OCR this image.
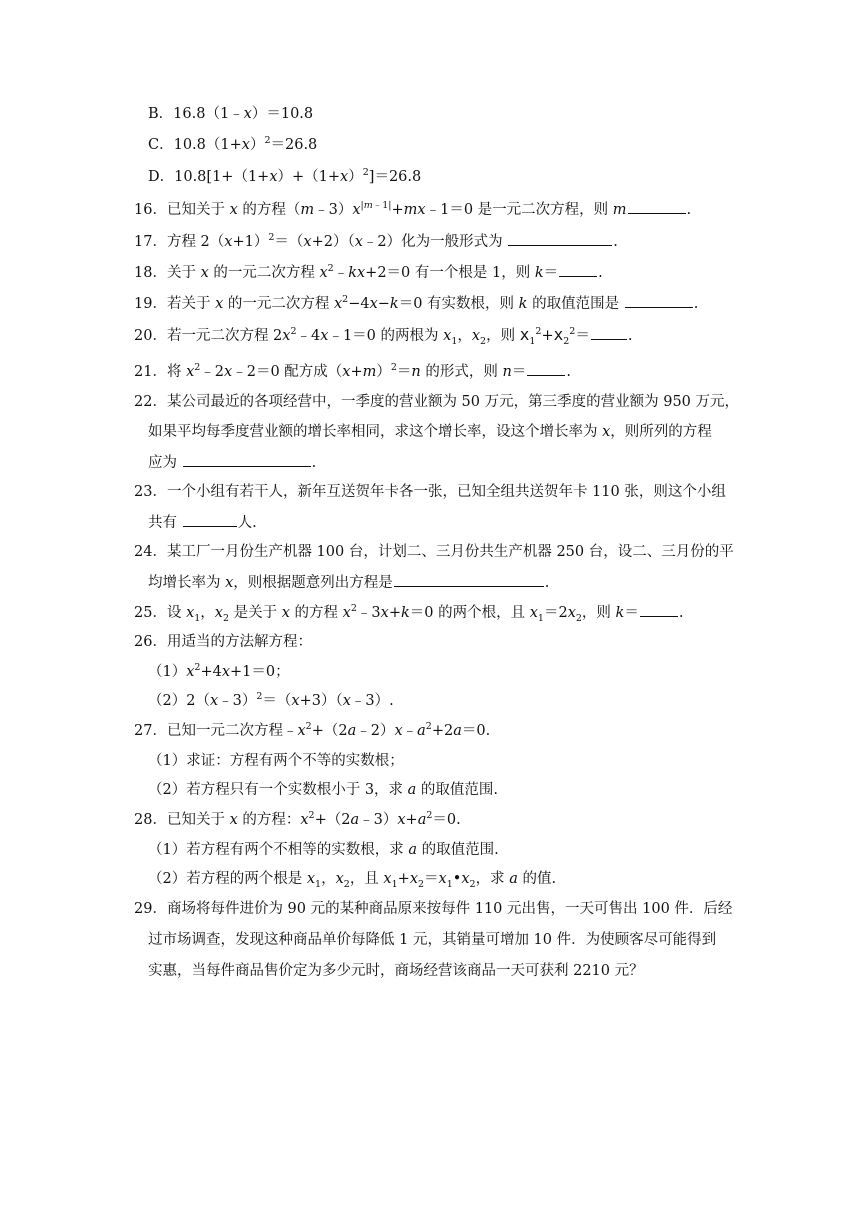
B．16.8（1﹣x）＝10.8
C．$10.8(1+x)^2=26.8$
D．$10.8[1+(1+x)+(1+x)^2]=26.8$
16．已知关于 x 的方程$(m﹣3)x^{|m﹣1|}+mx﹣1=0$ 是一元二次方程，则 m	.
17．方程 $2(x+1)^2=(x+2)(x﹣2)$化为一般形式为	.
18．关于 x 的一元二次方程 $x^2﹣kx+2=0$ 有一个根是 1，则 k＝	.
19．若关于 x 的一元二次方程 $x^2-4x-k=0$ 有实数根，则 k 的取值范围是	.
20．若一元二次方程 $2x^2﹣4x﹣1=0$ 的两根为 $x_1$，$x_2$，则 $x_1^2+x_2^2=$	.
21．将 $x^2﹣2x﹣2=0$ 配方成$(x+m)^2=n$ 的形式，则 n＝	.
22．某公司最近的各项经营中，一季度的营业额为 50 万元，第三季度的营业额为 950 万元，
如果平均每季度营业额的增长率相同，求这个增长率，设这个增长率为 x，则所列的方程
应为	.
23．一个小组有若干人，新年互送贺年卡各一张，已知全组共送贺年卡 110 张，则这个小组
共有	人.
24．某工厂一月份生产机器 100 台，计划二、三月份共生产机器 250 台，设二、三月份的平
均增长率为 x，则根据题意列出方程是	.
25．设 $x_1$，$x_2$ 是关于 x 的方程 $x^2﹣3x+k=0$ 的两个根，且 $x_1=2x_2$，则 k＝	.
26．用适当的方法解方程：
$(1)x^2+4x+1=0$；
（2）2（x﹣3）$^2$＝（x+3）（x﹣3）.
27．已知一元二次方程$﹣x^2+(2a﹣2)x﹣a^2+2a=0$.
（1）求证：方程有两个不等的实数根；
（2）若方程只有一个实数根小于 3，求 a 的取值范围.
28．已知关于 x 的方程：$x^2+(2a﹣3)x+a^2=0$.
（1）若方程有两个不相等的实数根，求 a 的取值范围.
（2）若方程的两个根是 $x_1$，$x_2$，且 $x_1+x_2=x_1•x_2$，求 a 的值.
29．商场将每件进价为 90 元的某种商品原来按每件 110 元出售，一天可售出 100 件．后经
过市场调查，发现这种商品单价每降低 1 元，其销量可增加 10 件．为使顾客尽可能得到
实惠，当每件商品售价定为多少元时，商场经营该商品一天可获利 2210 元？
